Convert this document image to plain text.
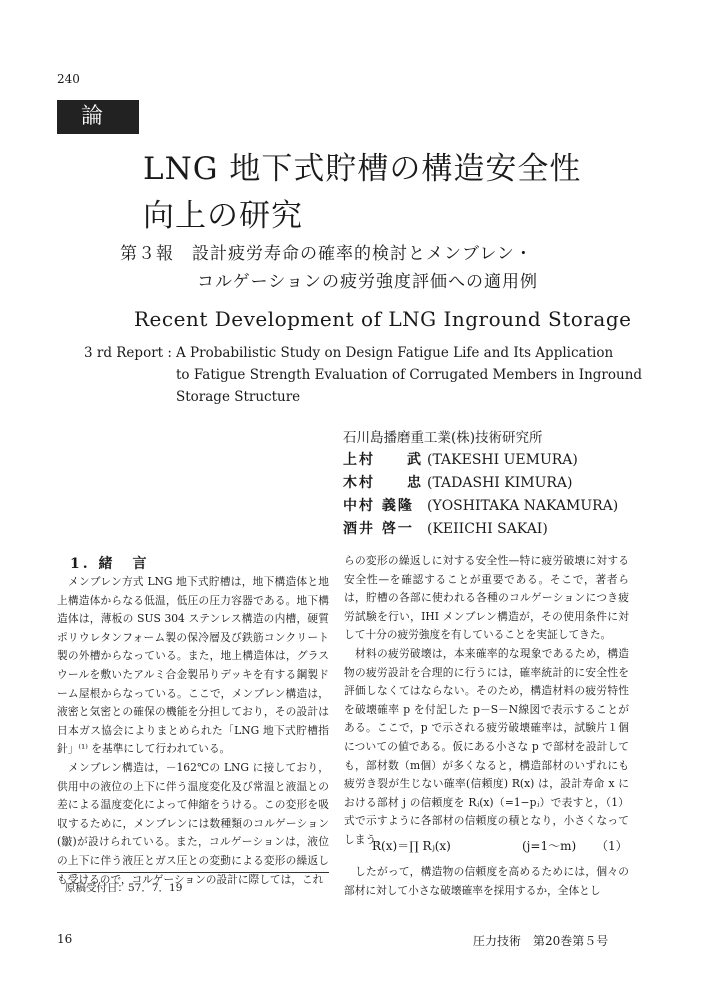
240
論文
LNG 地下式貯槽の構造安全性
向上の研究
第３報　設計疲労寿命の確率的検討とメンブレン・
コルゲーションの疲労強度評価への適用例
Recent Development of LNG Inground Storage
3 rd Report : A Probabilistic Study on Design Fatigue Life and Its Application
to Fatigue Strength Evaluation of Corrugated Members in Inground
Storage Structure
石川島播磨重工業(株)技術研究所
上村　　武 (TAKESHI UEMURA)
木村　　忠 (TADASHI KIMURA)
中村 義隆 (YOSHITAKA NAKAMURA)
酒井 啓一 (KEIICHI SAKAI)
1. 緒　言

　メンブレン方式 LNG 地下式貯槽は，地下構造体と地上構造体からなる低温，低圧の圧力容器である。地下構造体は，薄板の SUS 304 ステンレス構造の内槽，硬質ポリウレタンフォーム製の保冷層及び鉄筋コンクリート製の外槽からなっている。また，地上構造体は，グラスウールを敷いたアルミ合金製吊りデッキを有する鋼製ドーム屋根からなっている。ここで，メンブレン構造は，液密と気密との確保の機能を分担しており，その設計は日本ガス協会によりまとめられた「LNG 地下式貯槽指針」⁽¹⁾ を基準にして行われている。

　メンブレン構造は，－162℃の LNG に接しており，供用中の液位の上下に伴う温度変化及び常温と液温との差による温度変化によって伸縮をうける。この変形を吸収するために，メンブレンには数種類のコルゲーション(皺)が設けられている。また，コルゲーションは，液位の上下に伴う液圧とガス圧との変動による変形の繰返しも受けるので，コルゲーションの設計に際しては，これ

らの変形の繰返しに対する安全性—特に疲労破壊に対する安全性—を確認することが重要である。そこで，著者らは，貯槽の各部に使われる各種のコルゲーションにつき疲労試験を行い，IHI メンブレン構造が，その使用条件に対して十分の疲労強度を有していることを実証してきた。

　材料の疲労破壊は，本来確率的な現象であるため，構造物の疲労設計を合理的に行うには，確率統計的に安全性を評価しなくてはならない。そのため，構造材料の疲労特性を破壊確率 p を付記した p－S－N線図で表示することがある。ここで，p で示される疲労破壊確率は，試験片１個についての値である。仮にある小さな p で部材を設計しても，部材数（m個）が多くなると，構造部材のいずれにも疲労き裂が生じない確率(信頼度) R(x) は，設計寿命 x における部材 j の信頼度を Rⱼ(x)（=1−pⱼ）で表すと，（1）式で示すように各部材の信頼度の積となり，小さくなってしまう。

R(x)＝∏ Rⱼ(x)	(j=1～m) （1）

　したがって，構造物の信頼度を高めるためには，個々の部材に対して小さな破壊確率を採用するか，全体とし

原稿受付日：57．7．19
16	圧力技術　第20巻第５号
